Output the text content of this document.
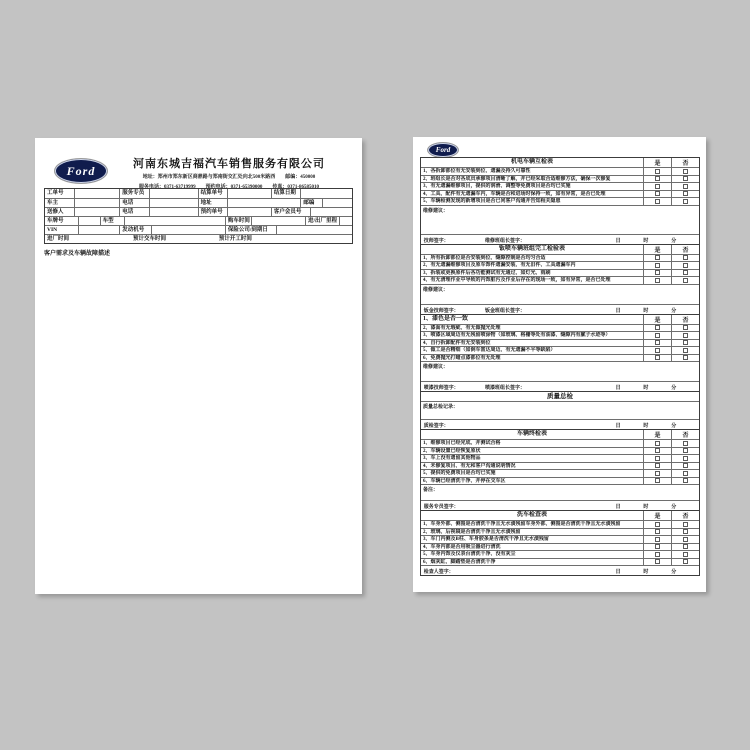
Ford	河南东城吉福汽车销售服务有限公司
地址：郑州市郑东新区商鼎路与郑南街交汇处向北500米路西　　邮编：450000
服务电话：0371-63719999　　预约电话：0371-65390000　　传真：0371-86585010
工单号	服务专员	结算单号	结算日期
车主	电话	地址	邮编
送修人	电话	预约单号	客户会员号
车牌号	车型	购车时间	进/出厂里程
VIN	发动机号	保险公司/到期日
进厂时间	预计交车时间	预计开工时间
客户需求及车辆故障描述
Ford
机电车辆互检表	是	否
1、各拆卸部位有无安装到位、遗漏及持久可靠性
2、班组长是否对各成员承修项目清晰了解，并已经采取合适维修方法，确保一次修复
3、有无遗漏维修项目，提供的润滑、调整等免费项目是否均已实施
4、工具、配件有无遗漏车内，车辆是否和进场时保持一致，如有异常，是否已处理
5、车辆检测发现的新增项目是否已同客户沟通并告知相关隐患
维修建议：
技师签字：	维修班组长签字：	日	时	分
钣喷车辆班组完工检验表	是	否
1、所有拆卸部位是否安装到位、缝隙控制是否均匀合适
2、有无遗漏维修项目及原车饰件遗漏安装、有无旧件、工具遗漏车内
3、拆装或更换原件后各功能测试有无通过、如灯光、雨刷
4、有无清理作业中导致的内饰脏污及作业后存在的现场一致，如有异常，是否已处理
维修建议：
钣金技师签字：	钣金班组长签字：	日	时	分
1、漆色是否一致	是	否
2、漆面有无瑕疵、有无做抛光处理
3、喷漆区域周边有无残留喷涂物（如玻璃、格栅等处有油漆、缝隙内有腻子水迹等）
4、自行拆卸配件有无安装到位
5、做工是否精细（如倒车雷达周边、有无遗漏不平等缺陷）
6、免费抛光打蜡点漆部位有无处理
维修建议：
喷漆技师签字：	喷漆班组长签字：	日	时	分
质量总检
质量总检记录：
质检签字：	日	时	分
车辆终检表	是	否
1、维修项目已经完成、并测试合格
2、车辆设置已经恢复原状
3、车上没有遗留其他物品
4、未修复项目、有无和客户沟通说明情况
5、提供的免费项目是否均已实施
6、车辆已经清洗干净、并停在交车区
备注：
服务专员签字：	日	时	分
洗车检查表	是	否
1、车身外部、侧围是否清洗干净且无水渍残留车身外部、侧围是否清洗干净且无水渍残留
2、玻璃、后视镜是否清洗干净且无水渍残留
3、车门内侧及B柱、车身胶条是否清洗干净且无水渍残留
4、车身内部是否用吸尘器进行清洗
5、车身内饰及仪表台清洗干净、没有灰尘
6、烟灰缸、脚踏垫是否清洗干净
检查人签字：	日	时	分
